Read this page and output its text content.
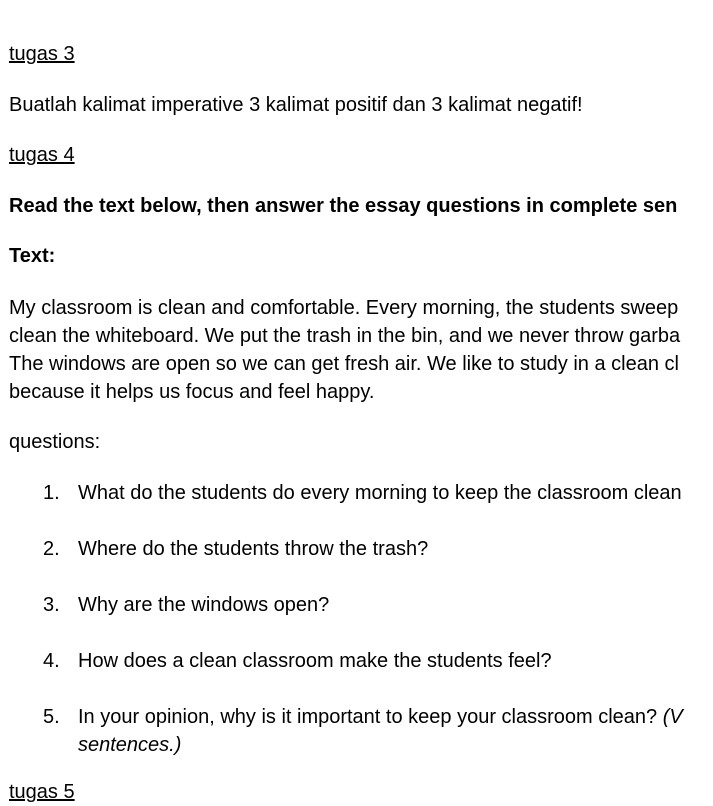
tugas 3
Buatlah kalimat imperative 3 kalimat positif dan 3 kalimat negatif!
tugas 4
Read the text below, then answer the essay questions in complete sen
Text:
My classroom is clean and comfortable. Every morning, the students sweep
clean the whiteboard. We put the trash in the bin, and we never throw garba
The windows are open so we can get fresh air. We like to study in a clean cl
because it helps us focus and feel happy.
questions:
1. What do the students do every morning to keep the classroom clean
2. Where do the students throw the trash?
3. Why are the windows open?
4. How does a clean classroom make the students feel?
5. In your opinion, why is it important to keep your classroom clean? (V
sentences.)
tugas 5
